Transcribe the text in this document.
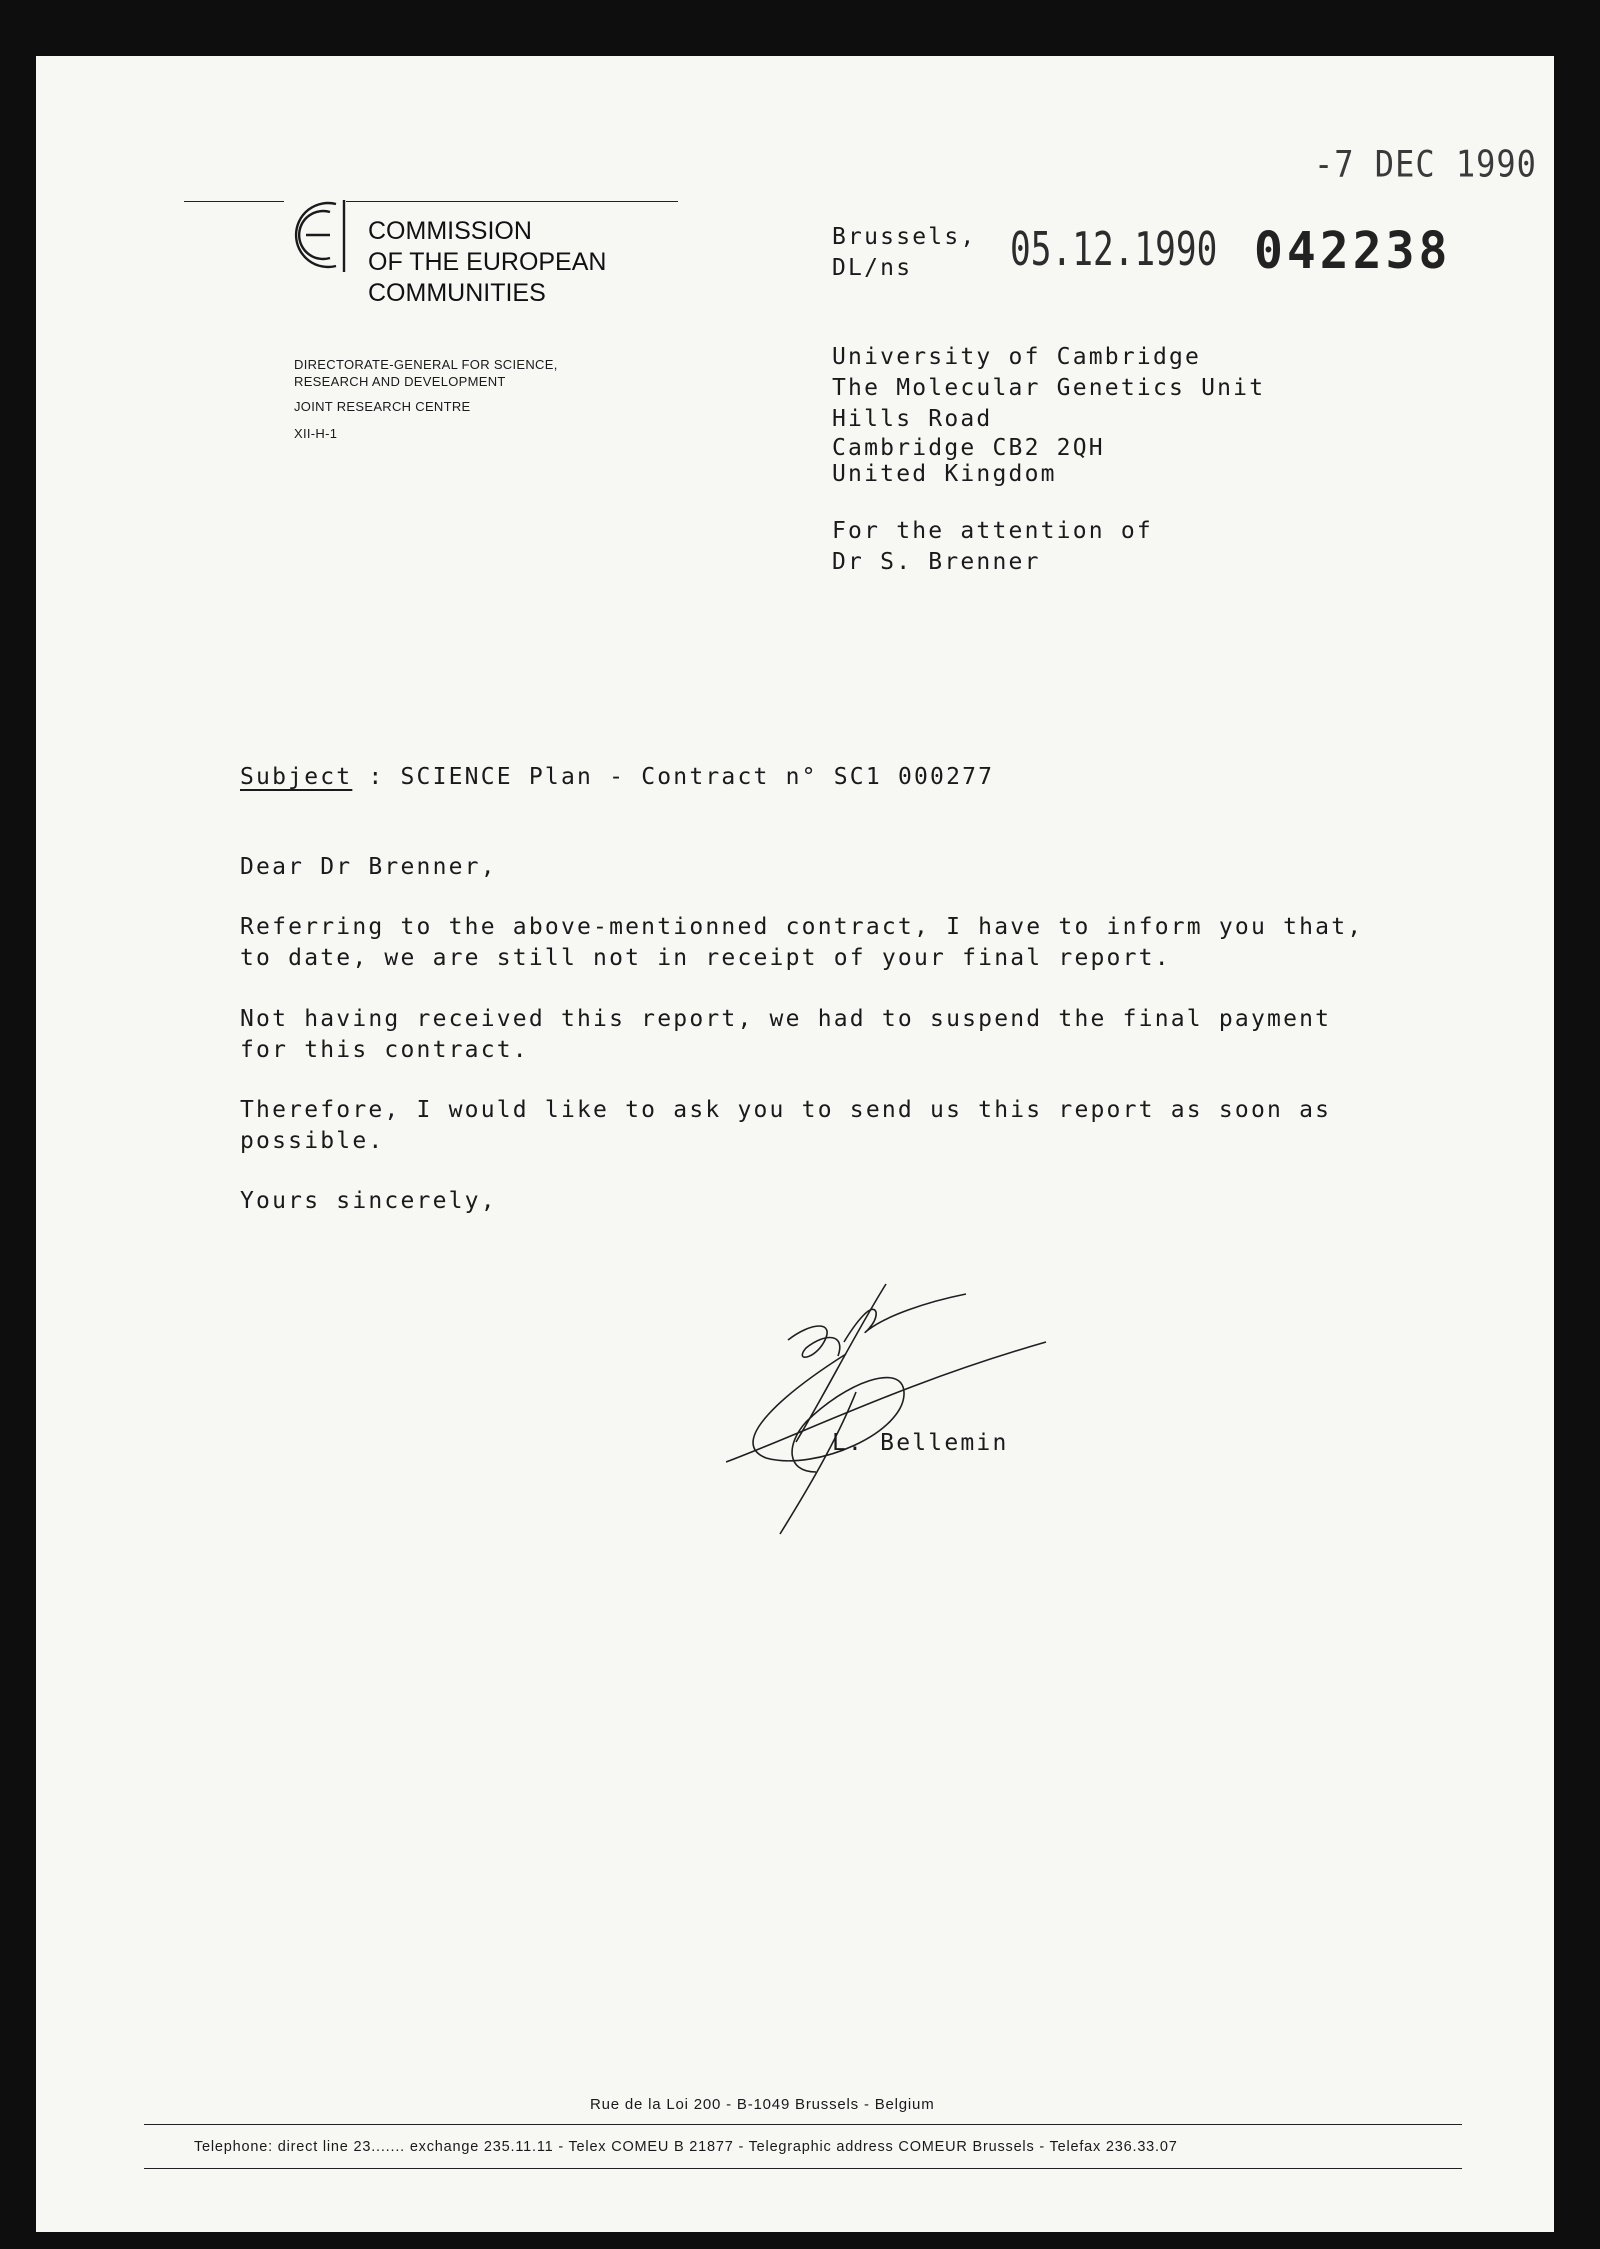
COMMISSION
OF THE EUROPEAN
COMMUNITIES
DIRECTORATE-GENERAL FOR SCIENCE,
RESEARCH AND DEVELOPMENT
JOINT RESEARCH CENTRE
XII-H-1
-7 DEC 1990
Brussels,
DL/ns	05.12.1990 042238
University of Cambridge
The Molecular Genetics Unit
Hills Road
Cambridge CB2 2QH
United Kingdom
For the attention of
Dr S. Brenner
Subject : SCIENCE Plan - Contract n° SC1 000277
Dear Dr Brenner,
Referring to the above-mentionned contract, I have to inform you that,
to date, we are still not in receipt of your final report.
Not having received this report, we had to suspend the final payment
for this contract.
Therefore, I would like to ask you to send us this report as soon as
possible.
Yours sincerely,
L. Bellemin
Rue de la Loi 200 - B-1049 Brussels - Belgium
Telephone: direct line 23....... exchange 235.11.11 - Telex COMEU B 21877 - Telegraphic address COMEUR Brussels - Telefax 236.33.07
